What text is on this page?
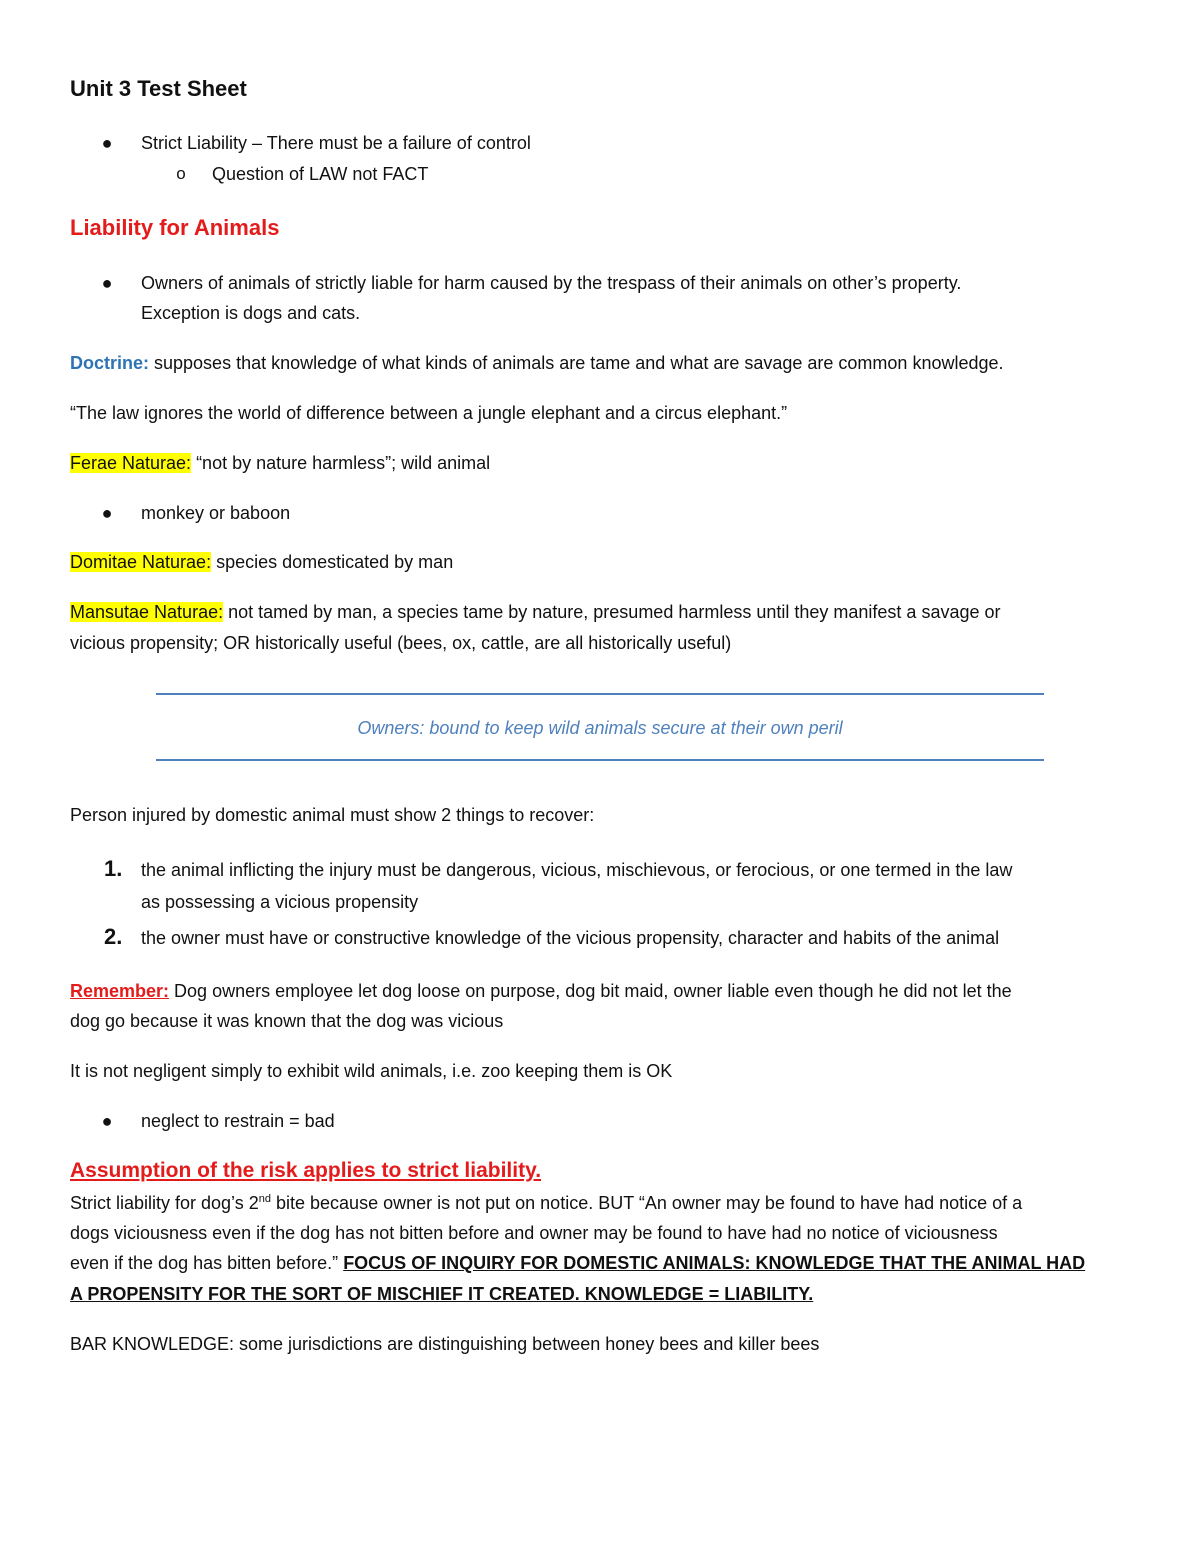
Unit 3 Test Sheet
● Strict Liability – There must be a failure of control

o Question of LAW not FACT

Liability for Animals
● Owners of animals of strictly liable for harm caused by the trespass of their animals on other’s property.

Exception is dogs and cats.

Doctrine: supposes that knowledge of what kinds of animals are tame and what are savage are common knowledge.

“The law ignores the world of difference between a jungle elephant and a circus elephant.”

Ferae Naturae: “not by nature harmless”; wild animal

● monkey or baboon

Domitae Naturae: species domesticated by man

Mansutae Naturae: not tamed by man, a species tame by nature, presumed harmless until they manifest a savage or

vicious propensity; OR historically useful (bees, ox, cattle, are all historically useful)

Owners: bound to keep wild animals secure at their own peril

Person injured by domestic animal must show 2 things to recover:

1.	the animal inflicting the injury must be dangerous, vicious, mischievous, or ferocious, or one termed in the law

as possessing a vicious propensity

2.	the owner must have or constructive knowledge of the vicious propensity, character and habits of the animal

Remember: Dog owners employee let dog loose on purpose, dog bit maid, owner liable even though he did not let the

dog go because it was known that the dog was vicious

It is not negligent simply to exhibit wild animals, i.e. zoo keeping them is OK

● neglect to restrain = bad

Assumption of the risk applies to strict liability.

Strict liability for dog’s 2nd bite because owner is not put on notice. BUT “An owner may be found to have had notice of a

dogs viciousness even if the dog has not bitten before and owner may be found to have had no notice of viciousness

even if the dog has bitten before.” FOCUS OF INQUIRY FOR DOMESTIC ANIMALS: KNOWLEDGE THAT THE ANIMAL HAD

A PROPENSITY FOR THE SORT OF MISCHIEF IT CREATED. KNOWLEDGE = LIABILITY.

BAR KNOWLEDGE: some jurisdictions are distinguishing between honey bees and killer bees
